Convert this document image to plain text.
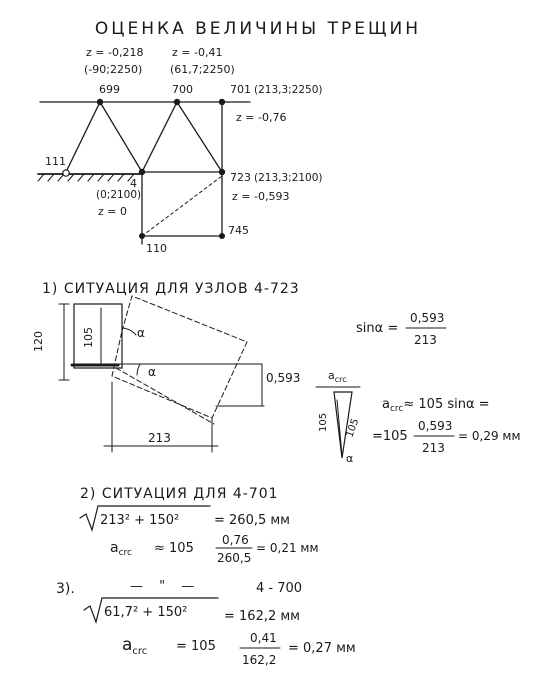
ОЦЕНКА ВЕЛИЧИНЫ ТРЕЩИН
z = -0,218
(-90;2250)
699
z = -0,41
(61,7;2250)
700	701 (213,3;2250)
z = -0,76
111
4
(0;2100)
z = 0
723 (213,3;2100)
z = -0,593
745
110
1) СИТУАЦИЯ ДЛЯ УЗЛОВ 4-723
120	105
α
α
0,593
213
sinα =
0,593
213
$a_{crc}$
105 105
α
$a_{crc}\approx 105$ sinα =
=105
0,593
213
= 0,29 мм
2) СИТУАЦИЯ ДЛЯ 4-701
213² + 150²	= 260,5 мм
$a_{crc} \approx 105$
0,76
260,5
= 0,21 мм
3).	— " —	4 - 700
61,7² + 150²	= 162,2 мм
$a_{crc} = 105$
0,41
162,2
= 0,27 мм
